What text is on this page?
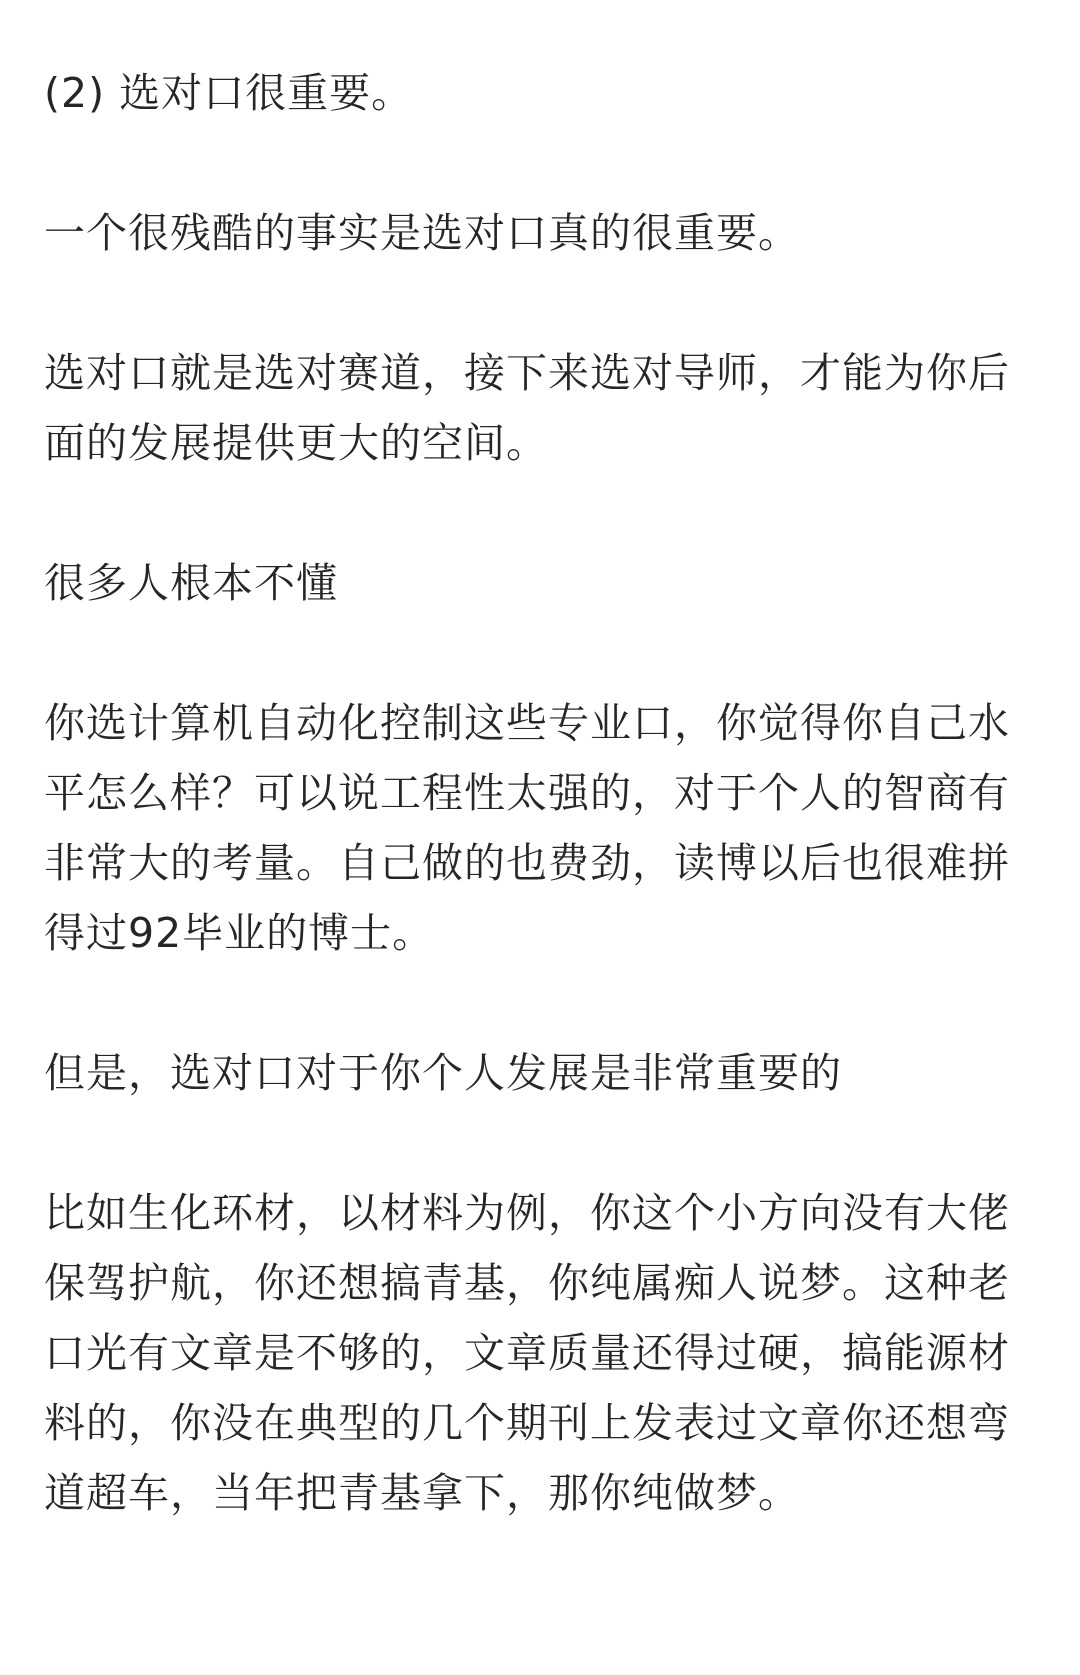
(2) 选对口很重要。

一个很残酷的事实是选对口真的很重要。

选对口就是选对赛道，接下来选对导师，才能为你后面的发展提供更大的空间。

很多人根本不懂

你选计算机自动化控制这些专业口，你觉得你自己水平怎么样？可以说工程性太强的，对于个人的智商有非常大的考量。自己做的也费劲，读博以后也很难拼得过92毕业的博士。

但是，选对口对于你个人发展是非常重要的

比如生化环材，以材料为例，你这个小方向没有大佬保驾护航，你还想搞青基，你纯属痴人说梦。这种老口光有文章是不够的，文章质量还得过硬，搞能源材料的，你没在典型的几个期刊上发表过文章你还想弯道超车，当年把青基拿下，那你纯做梦。
